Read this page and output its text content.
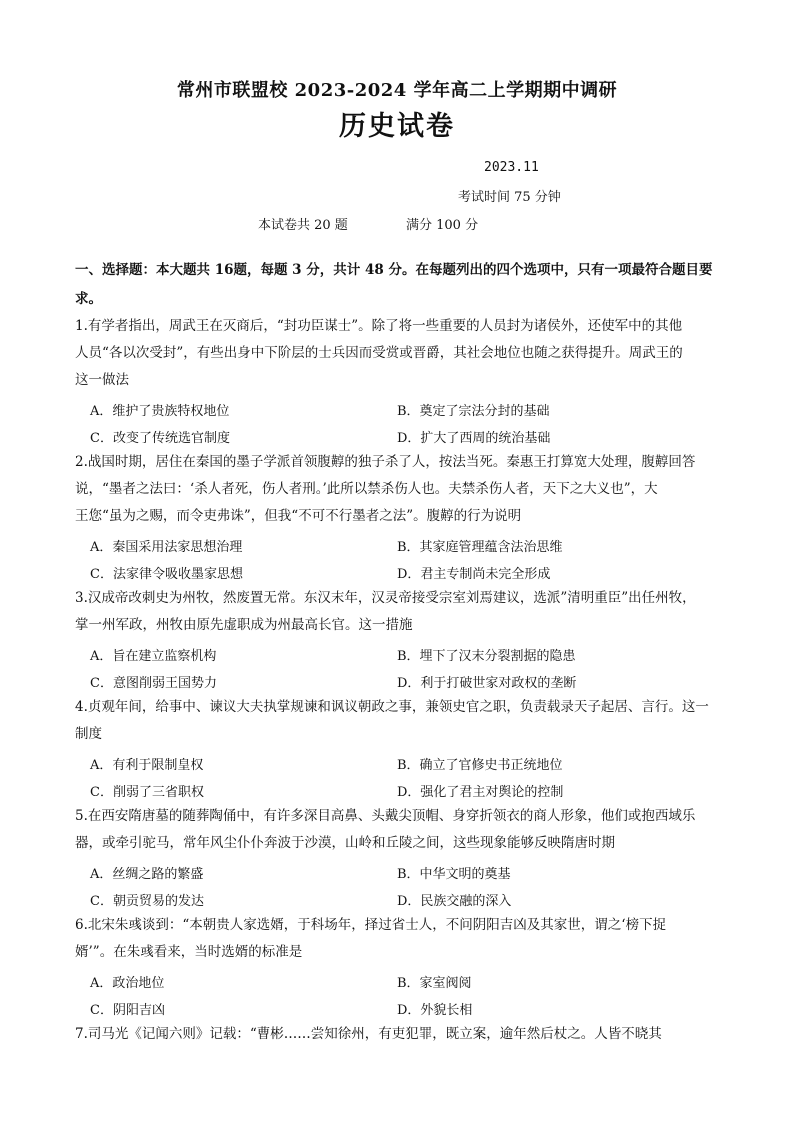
常州市联盟校 2023-2024 学年高二上学期期中调研
历史试卷
2023.11
考试时间 75 分钟
本试卷共 20 题	满分 100 分
一、选择题：本大题共 16题，每题 3 分，共计 48 分。在每题列出的四个选项中，只有一项最符合题目要求。
1.有学者指出，周武王在灭商后，“封功臣谋士”。除了将一些重要的人员封为诸侯外，还使军中的其他
人员“各以次受封”，有些出身中下阶层的士兵因而受赏或晋爵，其社会地位也随之获得提升。周武王的
这一做法
A．维护了贵族特权地位	B．奠定了宗法分封的基础
C．改变了传统选官制度	D．扩大了西周的统治基础
2.战国时期，居住在秦国的墨子学派首领腹䵍的独子杀了人，按法当死。秦惠王打算宽大处理，腹䵍回答
说，“墨者之法曰：‘杀人者死，伤人者刑。’此所以禁杀伤人也。夫禁杀伤人者，天下之大义也”，大
王您“虽为之赐，而令吏弗诛”，但我“不可不行墨者之法”。腹䵍的行为说明
A．秦国采用法家思想治理	B．其家庭管理蕴含法治思维
C．法家律令吸收墨家思想	D．君主专制尚未完全形成
3.汉成帝改刺史为州牧，然废置无常。东汉末年，汉灵帝接受宗室刘焉建议，选派”清明重臣”出任州牧，
掌一州军政，州牧由原先虚职成为州最高长官。这一措施
A．旨在建立监察机构	B．埋下了汉末分裂割据的隐患
C．意图削弱王国势力	D．利于打破世家对政权的垄断
4.贞观年间，给事中、谏议大夫执掌规谏和讽议朝政之事，兼领史官之职，负责载录天子起居、言行。这一
制度
A．有利于限制皇权	B．确立了官修史书正统地位
C．削弱了三省职权	D．强化了君主对舆论的控制
5.在西安隋唐墓的随葬陶俑中，有许多深目高鼻、头戴尖顶帽、身穿折领衣的商人形象，他们或抱西域乐
器，或牵引驼马，常年风尘仆仆奔波于沙漠，山岭和丘陵之间，这些现象能够反映隋唐时期
A．丝绸之路的繁盛	B．中华文明的奠基
C．朝贡贸易的发达	D．民族交融的深入
6.北宋朱彧谈到：“本朝贵人家选婿，于科场年，择过省士人，不问阴阳吉凶及其家世，谓之‘榜下捉
婿’”。在朱彧看来，当时选婿的标准是
A．政治地位	B．家室阀阅
C．阴阳吉凶	D．外貌长相
7.司马光《记闻六则》记载：“曹彬……尝知徐州，有吏犯罪，既立案，逾年然后杖之。人皆不晓其
